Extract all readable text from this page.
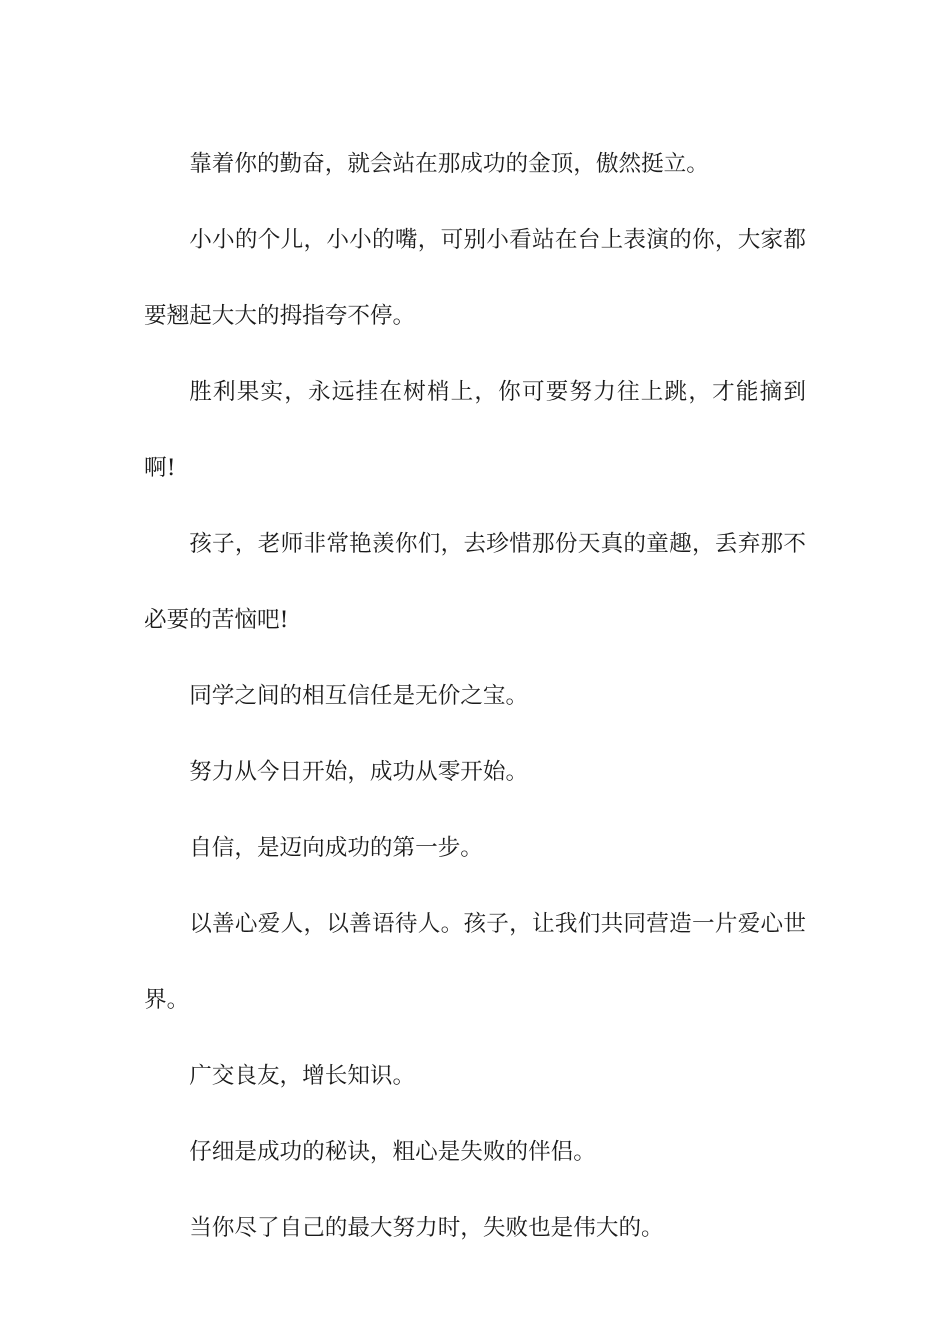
靠着你的勤奋，就会站在那成功的金顶，傲然挺立。

小小的个儿，小小的嘴，可别小看站在台上表演的你，大家都要翘起大大的拇指夸不停。

胜利果实，永远挂在树梢上，你可要努力往上跳，才能摘到啊!

孩子，老师非常艳羡你们，去珍惜那份天真的童趣，丢弃那不必要的苦恼吧!

同学之间的相互信任是无价之宝。

努力从今日开始，成功从零开始。

自信，是迈向成功的第一步。

以善心爱人，以善语待人。孩子，让我们共同营造一片爱心世界。

广交良友，增长知识。

仔细是成功的秘诀，粗心是失败的伴侣。

当你尽了自己的最大努力时，失败也是伟大的。
